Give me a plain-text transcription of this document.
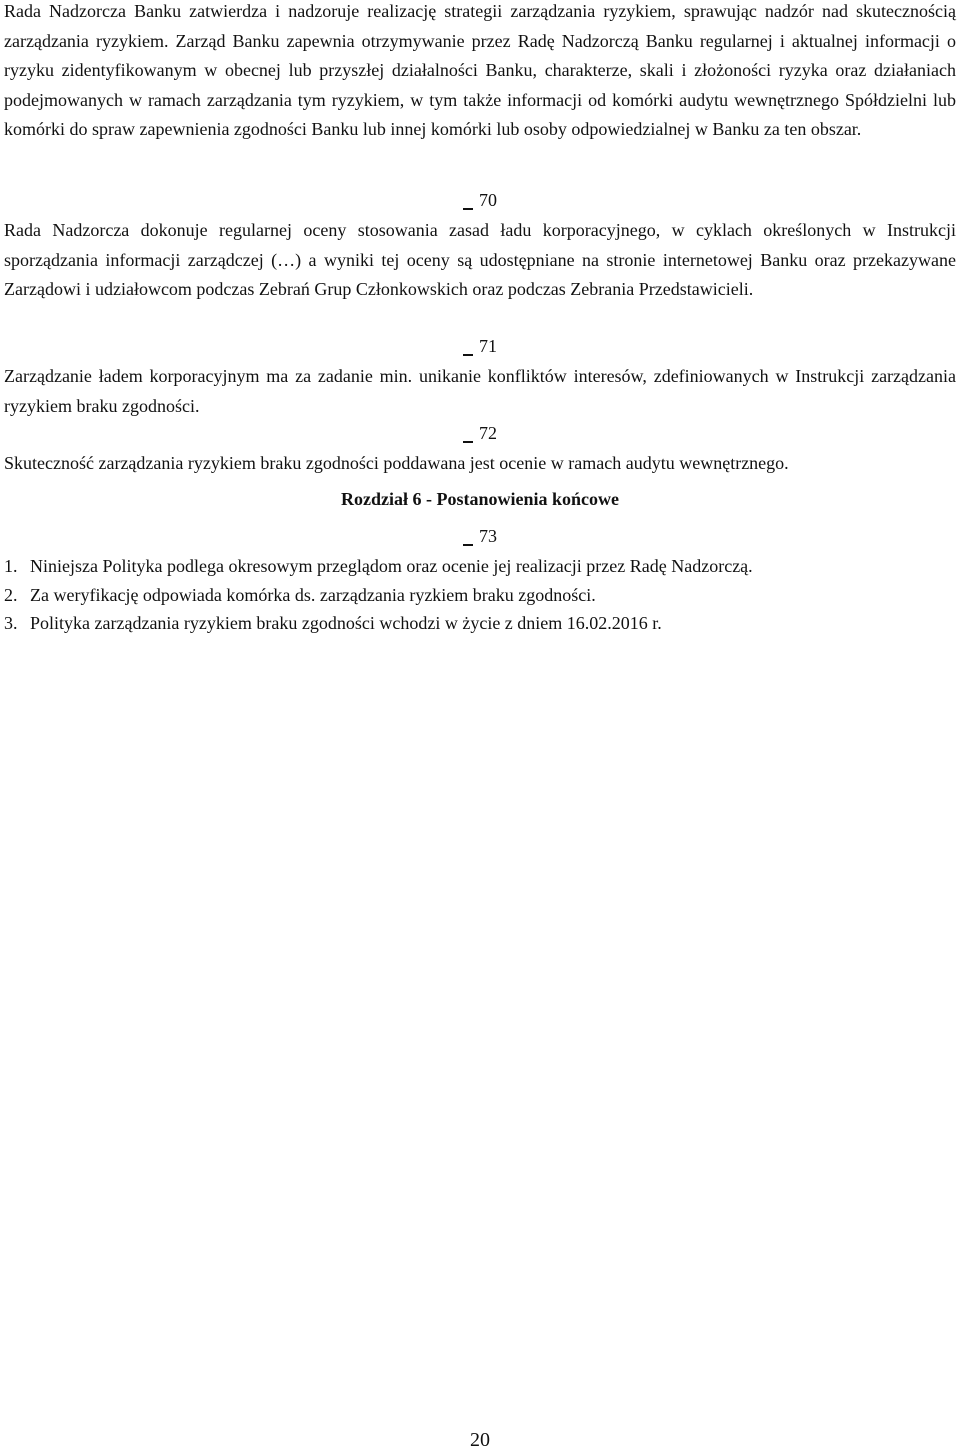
Rada Nadzorcza Banku zatwierdza i nadzoruje realizację strategii zarządzania ryzykiem, sprawując nadzór nad skutecznością zarządzania ryzykiem. Zarząd Banku zapewnia otrzymywanie przez Radę Nadzorczą Banku regularnej i aktualnej informacji o ryzyku zidentyfikowanym w obecnej lub przyszłej działalności Banku, charakterze, skali i złożoności ryzyka oraz działaniach podejmowanych w ramach zarządzania tym ryzykiem, w tym także informacji od komórki audytu wewnętrznego Spółdzielni lub komórki do spraw zapewnienia zgodności Banku lub innej komórki lub osoby odpowiedzialnej w Banku za ten obszar.

70

Rada Nadzorcza dokonuje regularnej oceny stosowania zasad ładu korporacyjnego, w cyklach określonych w Instrukcji sporządzania informacji zarządczej (…) a wyniki tej oceny są udostępniane na stronie internetowej Banku oraz przekazywane Zarządowi i udziałowcom podczas Zebrań Grup Członkowskich oraz podczas Zebrania Przedstawicieli.

71

Zarządzanie ładem korporacyjnym ma za zadanie min. unikanie konfliktów interesów, zdefiniowanych w Instrukcji zarządzania ryzykiem braku zgodności.

72

Skuteczność zarządzania ryzykiem braku zgodności poddawana jest ocenie w ramach audytu wewnętrznego.

Rozdział 6 - Postanowienia końcowe

73

1. Niniejsza Polityka podlega okresowym przeglądom oraz ocenie jej realizacji przez Radę Nadzorczą.
2. Za weryfikację odpowiada komórka ds. zarządzania ryzkiem braku zgodności.
3. Polityka zarządzania ryzykiem braku zgodności wchodzi w życie z dniem 16.02.2016 r.

20
